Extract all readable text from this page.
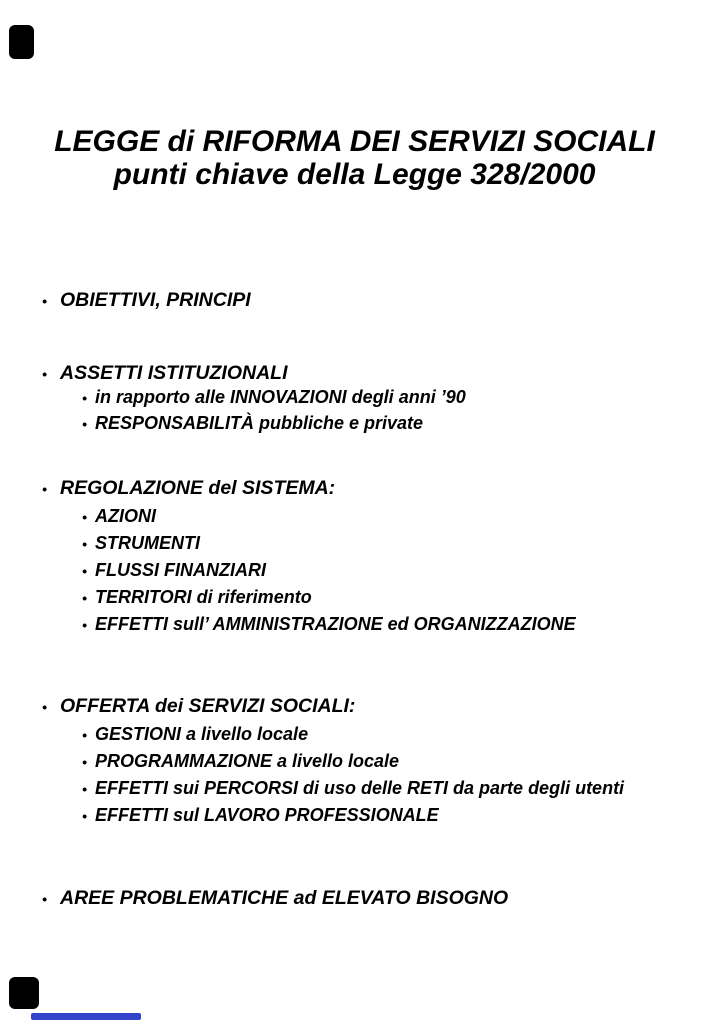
LEGGE di RIFORMA DEI SERVIZI SOCIALI
punti chiave della Legge 328/2000
• OBIETTIVI, PRINCIPI
• ASSETTI ISTITUZIONALI
• in rapporto alle INNOVAZIONI degli anni ’90
• RESPONSABILITÀ pubbliche e private
• REGOLAZIONE del SISTEMA:
• AZIONI
• STRUMENTI
• FLUSSI FINANZIARI
• TERRITORI di riferimento
• EFFETTI sull’ AMMINISTRAZIONE ed ORGANIZZAZIONE
• OFFERTA dei SERVIZI SOCIALI:
• GESTIONI a livello locale
• PROGRAMMAZIONE a livello locale
• EFFETTI sui PERCORSI di uso delle RETI da parte degli utenti
• EFFETTI sul LAVORO PROFESSIONALE
• AREE PROBLEMATICHE ad ELEVATO BISOGNO
